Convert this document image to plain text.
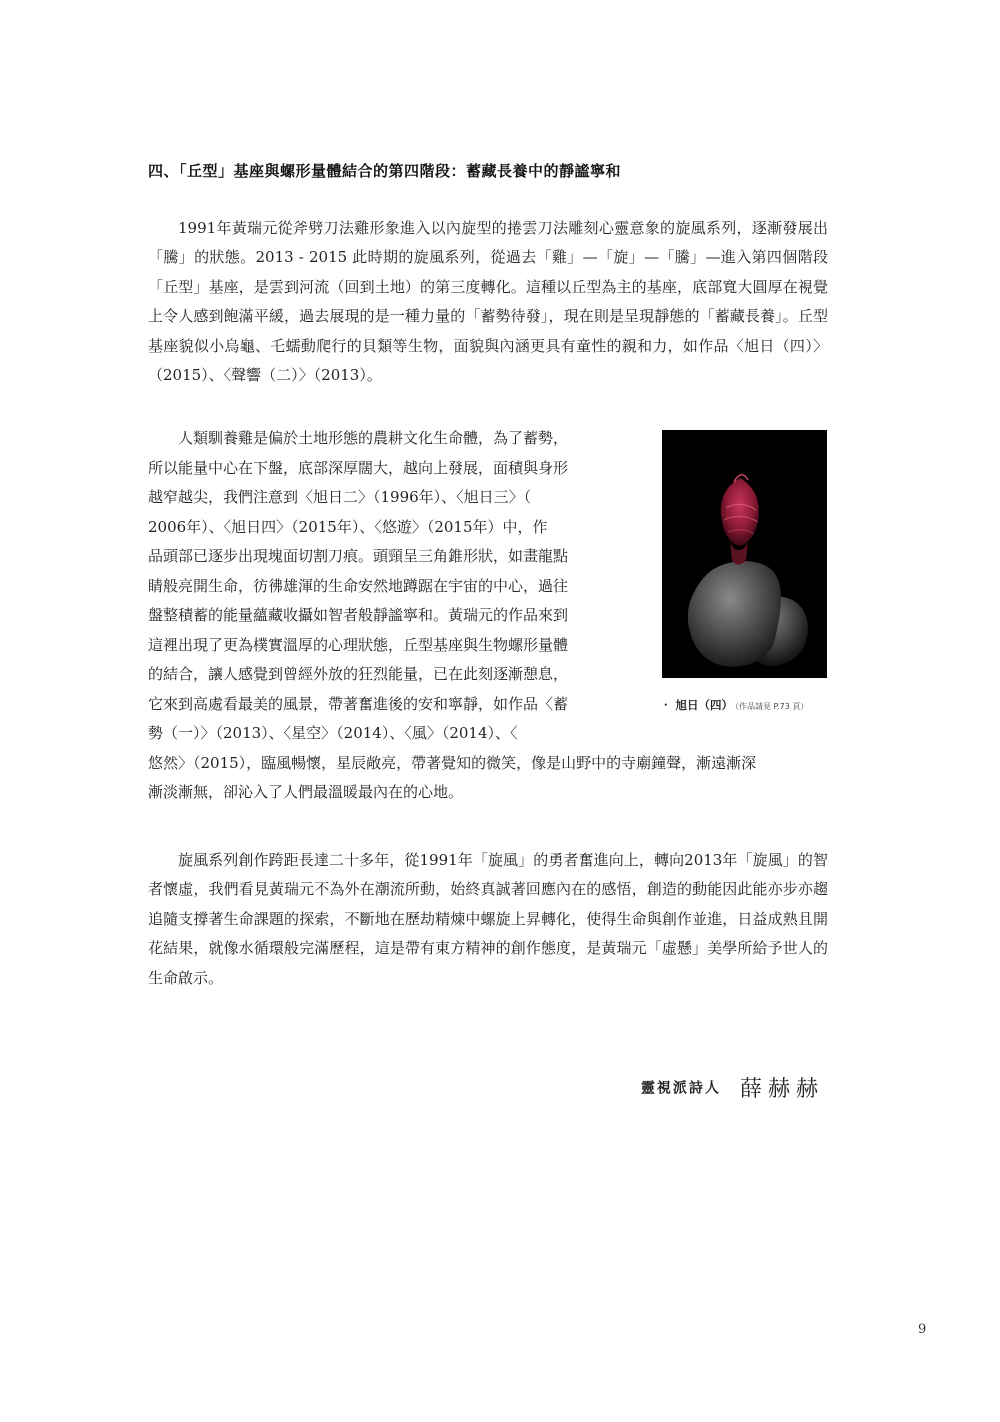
四、「丘型」基座與螺形量體結合的第四階段：蓄藏長養中的靜謐寧和

1991年黃瑞元從斧劈刀法雞形象進入以內旋型的捲雲刀法雕刻心靈意象的旋風系列，逐漸發展出「騰」的狀態。2013 - 2015 此時期的旋風系列，從過去「雞」—「旋」—「騰」—進入第四個階段「丘型」基座，是雲到河流（回到土地）的第三度轉化。這種以丘型為主的基座，底部寬大圓厚在視覺上令人感到飽滿平緩，過去展現的是一種力量的「蓄勢待發」，現在則是呈現靜態的「蓄藏長養」。丘型基座貌似小烏龜、乇蠕動爬行的貝類等生物，面貌與內涵更具有童性的親和力，如作品〈旭日（四）〉（2015）、〈聲響（二）〉（2013）。

　　人類馴養雞是偏於土地形態的農耕文化生命體，為了蓄勢，
所以能量中心在下盤，底部深厚闊大，越向上發展，面積與身形
越窄越尖，我們注意到〈旭日二〉（1996年）、〈旭日三〉（
2006年）、〈旭日四〉（2015年）、〈悠遊〉（2015年）中，作
品頭部已逐步出現塊面切割刀痕。頭頸呈三角錐形狀，如畫龍點
睛般亮開生命，彷彿雄渾的生命安然地蹲踞在宇宙的中心，過往
盤整積蓄的能量蘊藏收攝如智者般靜謐寧和。黃瑞元的作品來到
這裡出現了更為樸實溫厚的心理狀態，丘型基座與生物螺形量體
的結合，讓人感覺到曾經外放的狂烈能量，已在此刻逐漸憩息，
它來到高處看最美的風景，帶著奮進後的安和寧靜，如作品〈蓄
勢（一）〉（2013）、〈星空〉（2014）、〈風〉（2014）、〈
悠然〉（2015），臨風暢懷，星辰敞亮，帶著覺知的微笑，像是山野中的寺廟鐘聲，漸遠漸深
漸淡漸無，卻沁入了人們最溫暖最內在的心地。
・ 旭日（四） （作品請見 P.73 頁）

旋風系列創作跨距長達二十多年，從1991年「旋風」的勇者奮進向上，轉向2013年「旋風」的智者懷虛，我們看見黃瑞元不為外在潮流所動，始終真誠著回應內在的感悟，創造的動能因此能亦步亦趨追隨支撐著生命課題的探索，不斷地在歷劫精煉中螺旋上昇轉化，使得生命與創作並進，日益成熟且開花結果，就像水循環般完滿歷程，這是帶有東方精神的創作態度，是黃瑞元「虛懸」美學所給予世人的生命啟示。

靈視派詩人 薛赫赫
9
